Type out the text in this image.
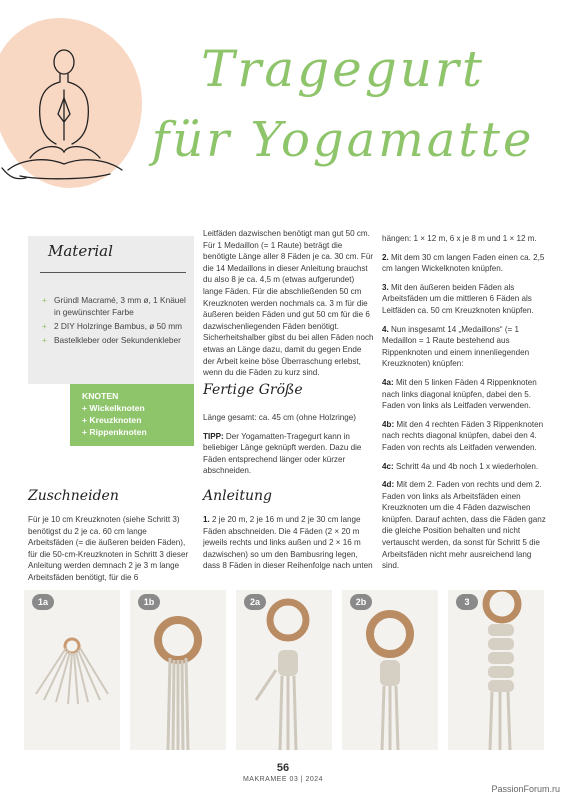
Tragegurt
für Yogamatte
Material
+ Gründl Macramé, 3 mm ø, 1 Knäuel in gewünschter Farbe
+ 2 DIY Holzringe Bambus, ø 50 mm
+ Bastelkleber oder Sekundenkleber
KNOTEN
+ Wickelknoten
+ Kreuzknoten
+ Rippenknoten
Zuschneiden

Für je 10 cm Kreuzknoten (siehe Schritt 3) benötigst du 2 je ca. 60 cm lange Arbeitsfäden (= die äußeren beiden Fäden), für die 50-cm-Kreuzknoten in Schritt 3 dieser Anleitung werden demnach 2 je 3 m lange Arbeitsfäden benötigt, für die 6

Leitfäden dazwischen benötigt man gut 50 cm. Für 1 Medaillon (= 1 Raute) beträgt die benötigte Länge aller 8 Fäden je ca. 30 cm. Für die 14 Medaillons in dieser Anleitung brauchst du also 8 je ca. 4,5 m (etwas aufgerundet) lange Fäden. Für die abschließenden 50 cm Kreuzknoten werden nochmals ca. 3 m für die äußeren beiden Fäden und gut 50 cm für die 6 dazwischenliegenden Fäden benötigt. Sicherheitshalber gibst du bei allen Fäden noch etwas an Länge dazu, damit du gegen Ende der Arbeit keine böse Überraschung erlebst, wenn du die Fäden zu kurz sind.

Fertige Größe

Länge gesamt: ca. 45 cm (ohne Holzringe)

TIPP: Der Yogamatten-Tragegurt kann in beliebiger Länge geknüpft werden. Dazu die Fäden entsprechend länger oder kürzer abschneiden.

Anleitung

1. 2 je 20 m, 2 je 16 m und 2 je 30 cm lange Fäden abschneiden. Die 4 Fäden (2 × 20 m jeweils rechts und links außen und 2 × 16 m dazwischen) so um den Bambusring legen, dass 8 Fäden in dieser Reihenfolge nach unten

hängen: 1 × 12 m, 6 x je 8 m und 1 × 12 m.

2. Mit dem 30 cm langen Faden einen ca. 2,5 cm langen Wickelknoten knüpfen.

3. Mit den äußeren beiden Fäden als Arbeitsfäden um die mittleren 6 Fäden als Leitfäden ca. 50 cm Kreuzknoten knüpfen.

4. Nun insgesamt 14 „Medaillons“ (= 1 Medaillon = 1 Raute bestehend aus Rippenknoten und einem innenliegenden Kreuzknoten) knüpfen:

4a: Mit den 5 linken Fäden 4 Rippenknoten nach links diagonal knüpfen, dabei den 5. Faden von links als Leitfaden verwenden.

4b: Mit den 4 rechten Fäden 3 Rippenknoten nach rechts diagonal knüpfen, dabei den 4. Faden von rechts als Leitfaden verwenden.

4c: Schritt 4a und 4b noch 1 x wiederholen.

4d: Mit dem 2. Faden von rechts und dem 2. Faden von links als Arbeitsfäden einen Kreuzknoten um die 4 Fäden dazwischen knüpfen. Darauf achten, dass die Fäden ganz die gleiche Position behalten und nicht vertauscht werden, da sonst für Schritt 5 die Arbeitsfäden nicht mehr ausreichend lang sind.

1a	1b	2a	2b	3
56
MAKRAMEE 03 | 2024
PassionForum.ru
